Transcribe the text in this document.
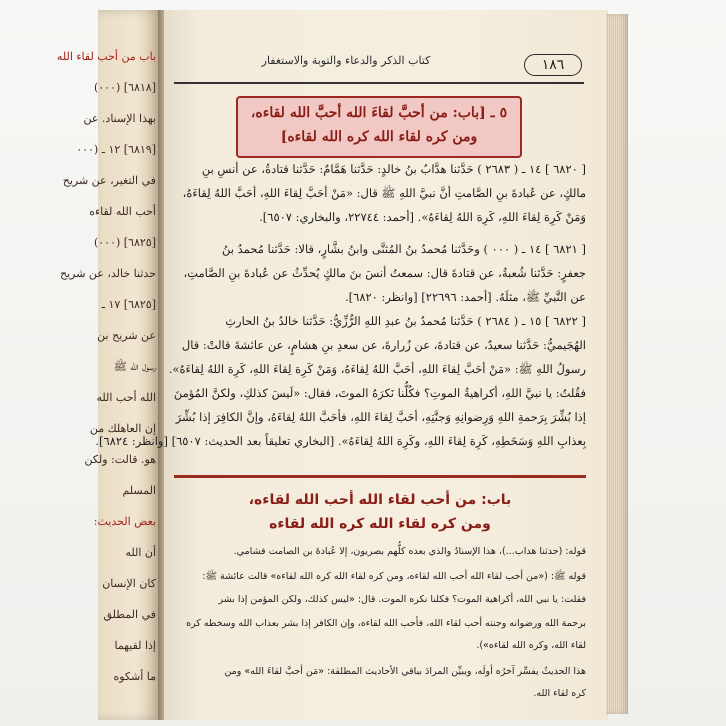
باب من أحب لقاء الله
[٦٨١٨] (٠٠٠)
بهذا الإسناد. عن
[٦٨١٩] ١٢ ـ (٠٠٠
في التغير، عن شريح
أحب الله لقاءه
[٦٨٢٥] (٠٠٠)
حدثنا خالد، عن شريح
[٦٨٢٥] ١٧ ـ
عن شريح بن
رسول الله ﷺ
الله أحب الله
إن العاهلك من
هو. قالت: ولكن
المسلم
بعض الحديث:
أن الله
كان الإنسان
في المطلق
إذا لقيهما
ما أشكوه
كتاب الذكر والدعاء والتوبة والاستغفار	١٨٦
٥ ـ [باب: من أحبَّ لقاءَ الله أحبَّ الله لقاءه،
ومن كره لقاء الله كره الله لقاءه]
[ ٦٨٢٠ ] ١٤ ـ ( ٢٦٨٣ ) حَدَّثنا هدَّابُ بنُ خالدٍ: حَدَّثنا هَمَّامٌ: حَدَّثنا قتادةُ، عن أنسِ بنِ
مالكٍ، عن عُبادةَ بنِ الصَّامتِ أنَّ نبيَّ اللهِ ﷺ قال: «مَنْ أحَبَّ لِقاءَ اللهِ، أحَبَّ اللهُ لِقاءَهُ،
وَمَنْ كَرِهَ لِقاءَ اللهِ، كَرِهَ اللهُ لِقاءَهُ». [أحمد: ٢٢٧٤٤، والبخاري: ٦٥٠٧].
[ ٦٨٢١ ] ١٤ ـ ( ٠٠٠ ) وحَدَّثنا مُحمدُ بنُ المُثنَّى وابنُ بشَّارٍ، قالا: حَدَّثنا مُحمدُ بنُ
جعفرٍ: حَدَّثنا شُعبةُ، عن قتادةَ قال: سمعتُ أنسَ بنَ مالكٍ يُحدِّثُ عن عُبادةَ بنِ الصَّامتِ،
عن النَّبيِّ ﷺ، مثلَهُ. [أحمد: ٢٢٦٩٦] [وانظر: ٦٨٢٠].
[ ٦٨٢٢ ] ١٥ ـ ( ٢٦٨٤ ) حَدَّثنا مُحمدُ بنُ عبدِ اللهِ الرُّزِّيُّ: حَدَّثنا خالدُ بنُ الحارثِ
الهُجَيميُّ: حَدَّثنا سعيدٌ، عن قتادةَ، عن زُرارةَ، عن سعدِ بنِ هشامٍ، عن عائشةَ قالتْ: قال
رسولُ اللهِ ﷺ: «مَنْ أحَبَّ لِقاءَ اللهِ، أحَبَّ اللهُ لِقاءَهُ، وَمَنْ كَرِهَ لِقاءَ اللهِ، كَرِهَ اللهُ لِقاءَهُ».
فقُلتُ: يا نبيَّ اللهِ، أكراهيةُ الموتِ؟ فكُلُّنا نَكرَهُ الموتَ، فقال: «لَيسَ كذلكِ، ولكنَّ المُؤمنَ
إذا بُشِّرَ بِرَحمةِ اللهِ وَرِضوانِهِ وَجنَّتِهِ، أحَبَّ لِقاءَ اللهِ، فأحَبَّ اللهُ لِقاءَهُ، وإنَّ الكافِرَ إذا بُشِّرَ
بِعذابِ اللهِ وَسَخَطِهِ، كَرِهَ لِقاءَ اللهِ، وكَرِهَ اللهُ لِقاءَهُ». [البخاري تعليقاً بعد الحديث: ٦٥٠٧] [وانظر: ٦٨٢٤].
باب: من أحب لقاء الله أحب الله لقاءه،
ومن كره لقاء الله كره الله لقاءه
قوله: (حدثنا هداب...)، هذا الإسنادُ والذي بعده كلُّهم بصريون، إلا عُبادةَ بن الصامت فشامي.
قوله ﷺ: («من أحب لقاء الله أحب الله لقاءه، ومن كره لقاء الله كره الله لقاءه» قالت عائشة ﷺ:
فقلت: يا نبي الله، أكراهية الموت؟ فكلنا نكره الموت. قال: «ليس كذلك، ولكن المؤمن إذا بشر
برحمة الله ورضوانه وجنته أحب لقاء الله، فأحب الله لقاءه، وإن الكافر إذا بشر بعذاب الله وسخطه كره
لقاء الله، وكره الله لقاءه»).
هذا الحديثُ يفسِّر آخرُه أولَه، ويبيِّن المرادَ بباقي الأحاديث المطلقة: «مَن أحبَّ لقاءَ الله» ومن
كره لقاء الله.
